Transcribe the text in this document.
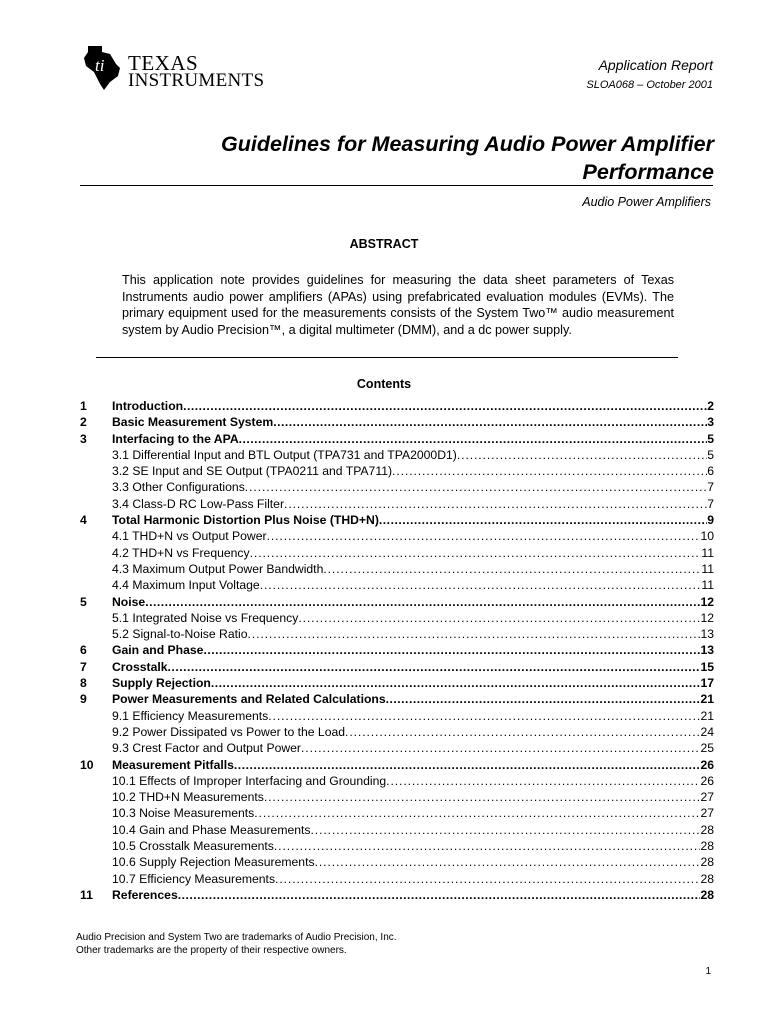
ti TEXAS
INSTRUMENTS
Application Report
SLOA068 – October 2001
Guidelines for Measuring Audio Power Amplifier
Performance
Audio Power Amplifiers
ABSTRACT
This application note provides guidelines for measuring the data sheet parameters of Texas Instruments audio power amplifiers (APAs) using prefabricated evaluation modules (EVMs). The primary equipment used for the measurements consists of the System Two™ audio measurement system by Audio Precision™, a digital multimeter (DMM), and a dc power supply.
Contents
1	Introduction .....	2
2	Basic Measurement System .....	3
3	Interfacing to the APA .....	5
3.1 Differential Input and BTL Output (TPA731 and TPA2000D1) .....	5
3.2 SE Input and SE Output (TPA0211 and TPA711) .....	6
3.3 Other Configurations .....	7
3.4 Class-D RC Low-Pass Filter .....	7
4	Total Harmonic Distortion Plus Noise (THD+N) .....	9
4.1 THD+N vs Output Power .....	10
4.2 THD+N vs Frequency .....	11
4.3 Maximum Output Power Bandwidth .....	11
4.4 Maximum Input Voltage .....	11
5	Noise .....	12
5.1 Integrated Noise vs Frequency .....	12
5.2 Signal-to-Noise Ratio .....	13
6	Gain and Phase .....	13
7	Crosstalk .....	15
8	Supply Rejection .....	17
9	Power Measurements and Related Calculations .....	21
9.1 Efficiency Measurements .....	21
9.2 Power Dissipated vs Power to the Load .....	24
9.3 Crest Factor and Output Power .....	25
10	Measurement Pitfalls .....	26
10.1 Effects of Improper Interfacing and Grounding .....	26
10.2 THD+N Measurements .....	27
10.3 Noise Measurements .....	27
10.4 Gain and Phase Measurements .....	28
10.5 Crosstalk Measurements .....	28
10.6 Supply Rejection Measurements .....	28
10.7 Efficiency Measurements .....	28
11	References .....	28
Audio Precision and System Two are trademarks of Audio Precision, Inc.
Other trademarks are the property of their respective owners.
1
